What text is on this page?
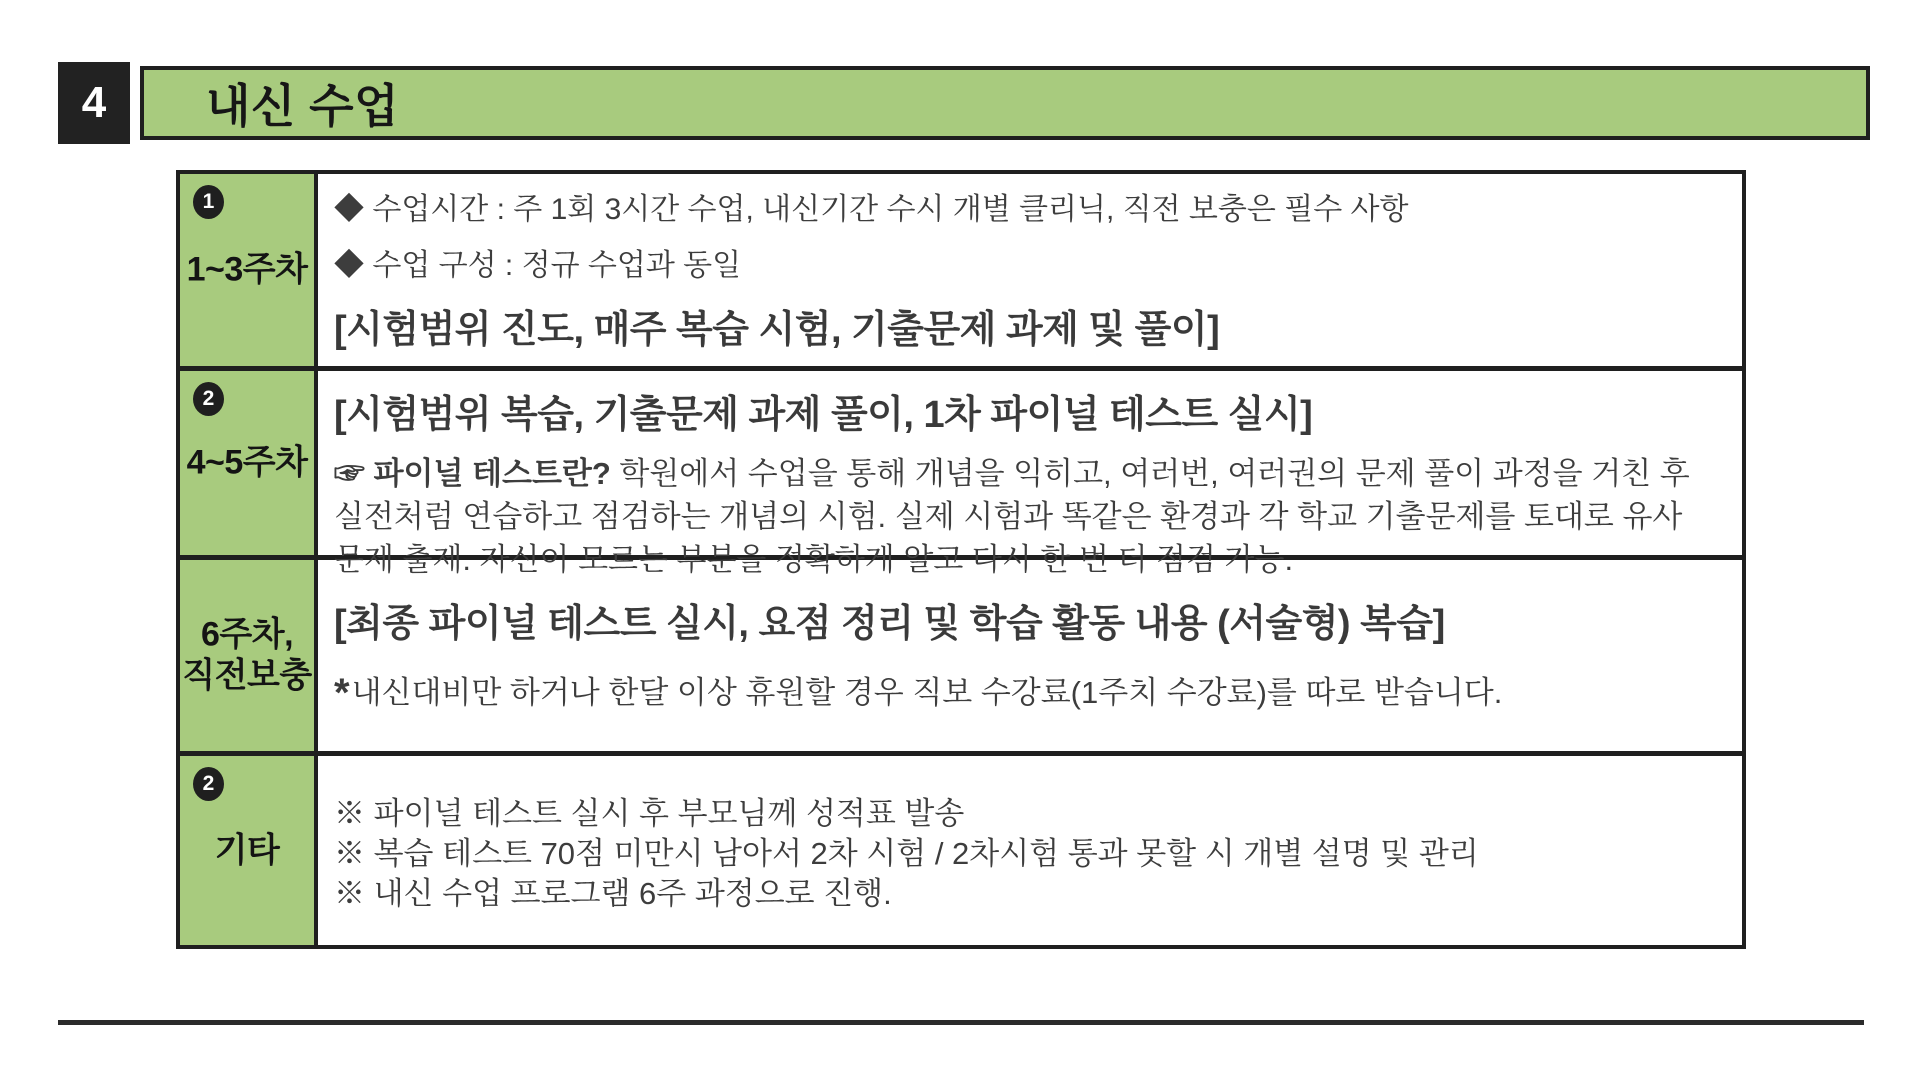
4	내신 수업
1
1~3주차
◆ 수업시간 : 주 1회 3시간 수업, 내신기간 수시 개별 클리닉, 직전 보충은 필수 사항
◆ 수업 구성 : 정규 수업과 동일
[시험범위 진도, 매주 복습 시험, 기출문제 과제 및 풀이]
2
4~5주차
[시험범위 복습, 기출문제 과제 풀이, 1차 파이널 테스트 실시]
☞ 파이널 테스트란? 학원에서 수업을 통해 개념을 익히고, 여러번, 여러권의 문제 풀이 과정을 거친 후 실전처럼 연습하고 점검하는 개념의 시험. 실제 시험과 똑같은 환경과 각 학교 기출문제를 토대로 유사 문제 출제. 자신이 모르는 부분을 정확하게 알고 다시 한 번 더 점검 가능.
6주차,
직전보충
[최종 파이널 테스트 실시, 요점 정리 및 학습 활동 내용 (서술형) 복습]
*내신대비만 하거나 한달 이상 휴원할 경우 직보 수강료(1주치 수강료)를 따로 받습니다.
2
기타
※ 파이널 테스트 실시 후 부모님께 성적표 발송
※ 복습 테스트 70점 미만시 남아서 2차 시험 / 2차시험 통과 못할 시 개별 설명 및 관리
※ 내신 수업 프로그램 6주 과정으로 진행.
